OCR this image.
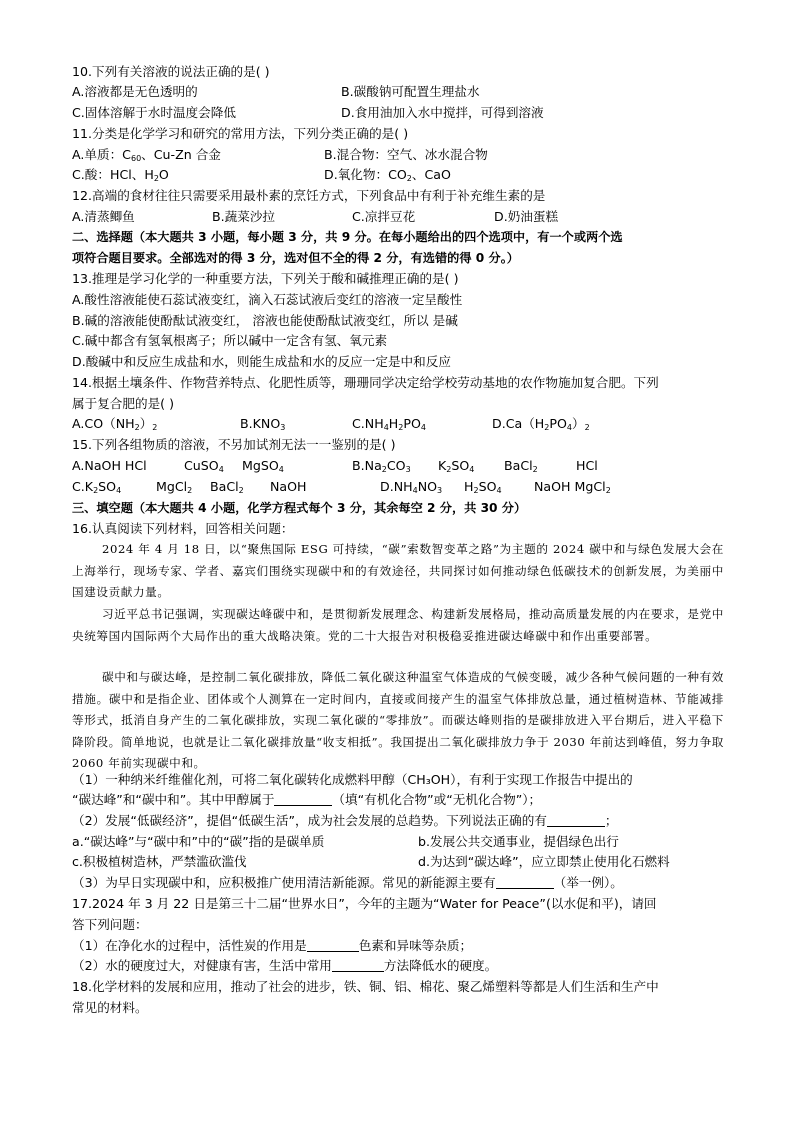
10.下列有关溶液的说法正确的是( )
A.溶液都是无色透明的	B.碳酸钠可配置生理盐水
C.固体溶解于水时温度会降低	D.食用油加入水中搅拌，可得到溶液
11.分类是化学学习和研究的常用方法，下列分类正确的是( )
A.单质：$C_{60}$、Cu-Zn 合金	B.混合物：空气、冰水混合物
C.酸：HCl、$H_2O$	D.氧化物：$CO_2$、CaO
12.高端的食材往往只需要采用最朴素的烹饪方式，下列食品中有利于补充维生素的是
A.清蒸鲫鱼	B.蔬菜沙拉	C.凉拌豆花	D.奶油蛋糕
二、选择题（本大题共 3 小题，每小题 3 分，共 9 分。在每小题给出的四个选项中，有一个或两个选
项符合题目要求。全部选对的得 3 分，选对但不全的得 2 分，有选错的得 0 分。）
13.推理是学习化学的一种重要方法，下列关于酸和碱推理正确的是( )
A.酸性溶液能使石蕊试液变红，滴入石蕊试液后变红的溶液一定呈酸性
B.碱的溶液能使酚酞试液变红， 溶液也能使酚酞试液变红，所以 是碱
C.碱中都含有氢氧根离子；所以碱中一定含有氢、氧元素
D.酸碱中和反应生成盐和水，则能生成盐和水的反应一定是中和反应
14.根据土壤条件、作物营养特点、化肥性质等，珊珊同学决定给学校劳动基地的农作物施加复合肥。下列
属于复合肥的是( )
$A.CO(NH_2)_2$	$B.KNO_3$	$C.NH_4H_2PO_4$	$D.Ca(H_2PO_4)_2$
15.下列各组物质的溶液，不另加试剂无法一一鉴别的是( )
A.NaOH HCl	CuSO$_4$ MgSO$_4$	$B.Na_2CO_3$ $K_2SO_4$ BaCl$_2$	HCl
$C.K_2SO_4$	MgCl$_2$ BaCl$_2$ NaOH	$D.NH_4NO_3$ $H_2SO_4$	NaOH MgCl$_2$
三、填空题（本大题共 4 小题，化学方程式每个 3 分，其余每空 2 分，共 30 分）
16.认真阅读下列材料，回答相关问题：
2024 年 4 月 18 日，以“聚焦国际 ESG 可持续，“碳”索数智变革之路”为主题的 2024 碳中和与绿色发展大会在上海举行，现场专家、学者、嘉宾们围绕实现碳中和的有效途径，共同探讨如何推动绿色低碳技术的创新发展，为美丽中国建设贡献力量。
习近平总书记强调，实现碳达峰碳中和，是贯彻新发展理念、构建新发展格局，推动高质量发展的内在要求，是党中央统筹国内国际两个大局作出的重大战略决策。党的二十大报告对积极稳妥推进碳达峰碳中和作出重要部署。
碳中和与碳达峰，是控制二氧化碳排放，降低二氧化碳这种温室气体造成的气候变暖，减少各种气候问题的一种有效措施。碳中和是指企业、团体或个人测算在一定时间内，直接或间接产生的温室气体排放总量，通过植树造林、节能减排等形式，抵消自身产生的二氧化碳排放，实现二氧化碳的“零排放”。而碳达峰则指的是碳排放进入平台期后，进入平稳下降阶段。简单地说，也就是让二氧化碳排放量“收支相抵”。我国提出二氧化碳排放力争于 2030 年前达到峰值，努力争取 2060 年前实现碳中和。
（1）一种纳米纤维催化剂，可将二氧化碳转化成燃料甲醇（CH₃OH），有利于实现工作报告中提出的
“碳达峰”和“碳中和”。其中甲醇属于	（填“有机化合物”或“无机化合物”）；
（2）发展“低碳经济”，提倡“低碳生活”，成为社会发展的总趋势。下列说法正确的有	；
a.“碳达峰”与“碳中和”中的“碳”指的是碳单质	b.发展公共交通事业，提倡绿色出行
c.积极植树造林，严禁滥砍滥伐	d.为达到“碳达峰”，应立即禁止使用化石燃料
（3）为早日实现碳中和，应积极推广使用清洁新能源。常见的新能源主要有	（举一例）。
17.2024 年 3 月 22 日是第三十二届“世界水日”，今年的主题为“Water for Peace”(以水促和平)，请回
答下列问题：
（1）在净化水的过程中，活性炭的作用是	色素和异味等杂质；
（2）水的硬度过大，对健康有害，生活中常用	方法降低水的硬度。
18.化学材料的发展和应用，推动了社会的进步，铁、铜、铝、棉花、聚乙烯塑料等都是人们生活和生产中
常见的材料。
